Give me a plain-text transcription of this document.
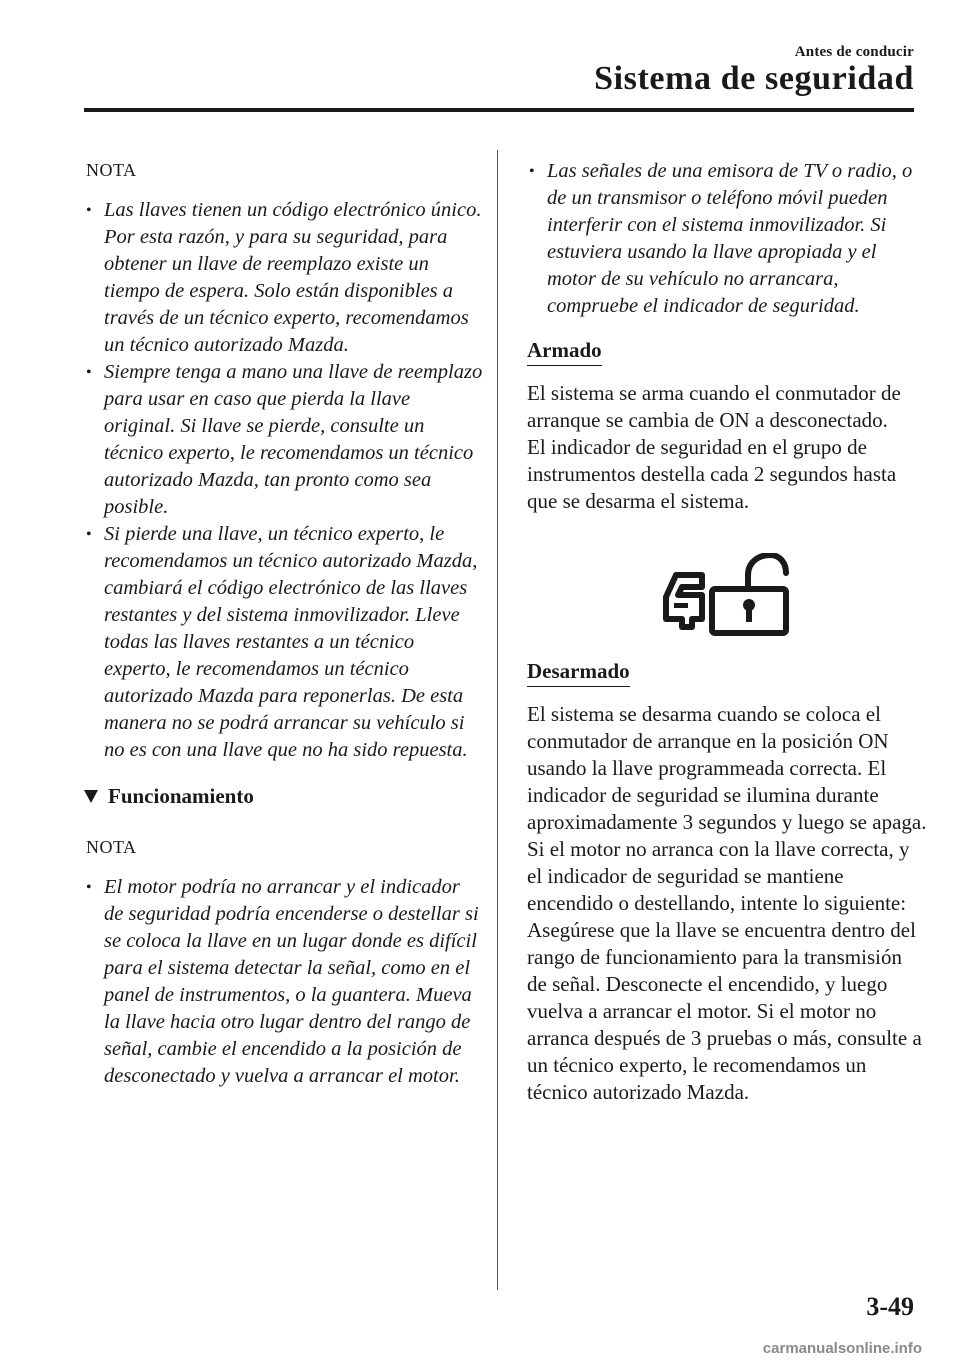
Antes de conducir
Sistema de seguridad
NOTA
• Las llaves tienen un código electrónico único. Por esta razón, y para su seguridad, para obtener un llave de reemplazo existe un tiempo de espera. Solo están disponibles a través de un técnico experto, recomendamos un técnico autorizado Mazda.
• Siempre tenga a mano una llave de reemplazo para usar en caso que pierda la llave original. Si llave se pierde, consulte un técnico experto, le recomendamos un técnico autorizado Mazda, tan pronto como sea posible.
• Si pierde una llave, un técnico experto, le recomendamos un técnico autorizado Mazda, cambiará el código electrónico de las llaves restantes y del sistema inmovilizador. Lleve todas las llaves restantes a un técnico experto, le recomendamos un técnico autorizado Mazda para reponerlas. De esta manera no se podrá arrancar su vehículo si no es con una llave que no ha sido repuesta.
Funcionamiento
NOTA
• El motor podría no arrancar y el indicador de seguridad podría encenderse o destellar si se coloca la llave en un lugar donde es difícil para el sistema detectar la señal, como en el panel de instrumentos, o la guantera. Mueva la llave hacia otro lugar dentro del rango de señal, cambie el encendido a la posición de desconectado y vuelva a arrancar el motor.
• Las señales de una emisora de TV o radio, o de un transmisor o teléfono móvil pueden interferir con el sistema inmovilizador. Si estuviera usando la llave apropiada y el motor de su vehículo no arrancara, compruebe el indicador de seguridad.
Armado
El sistema se arma cuando el conmutador de arranque se cambia de ON a desconectado.
El indicador de seguridad en el grupo de instrumentos destella cada 2 segundos hasta que se desarma el sistema.
Desarmado
El sistema se desarma cuando se coloca el conmutador de arranque en la posición ON usando la llave programmeada correcta. El indicador de seguridad se ilumina durante aproximadamente 3 segundos y luego se apaga.
Si el motor no arranca con la llave correcta, y el indicador de seguridad se mantiene encendido o destellando, intente lo siguiente:
Asegúrese que la llave se encuentra dentro del rango de funcionamiento para la transmisión de señal. Desconecte el encendido, y luego vuelva a arrancar el motor. Si el motor no arranca después de 3 pruebas o más, consulte a un técnico experto, le recomendamos un técnico autorizado Mazda.
3-49
carmanualsonline.info
